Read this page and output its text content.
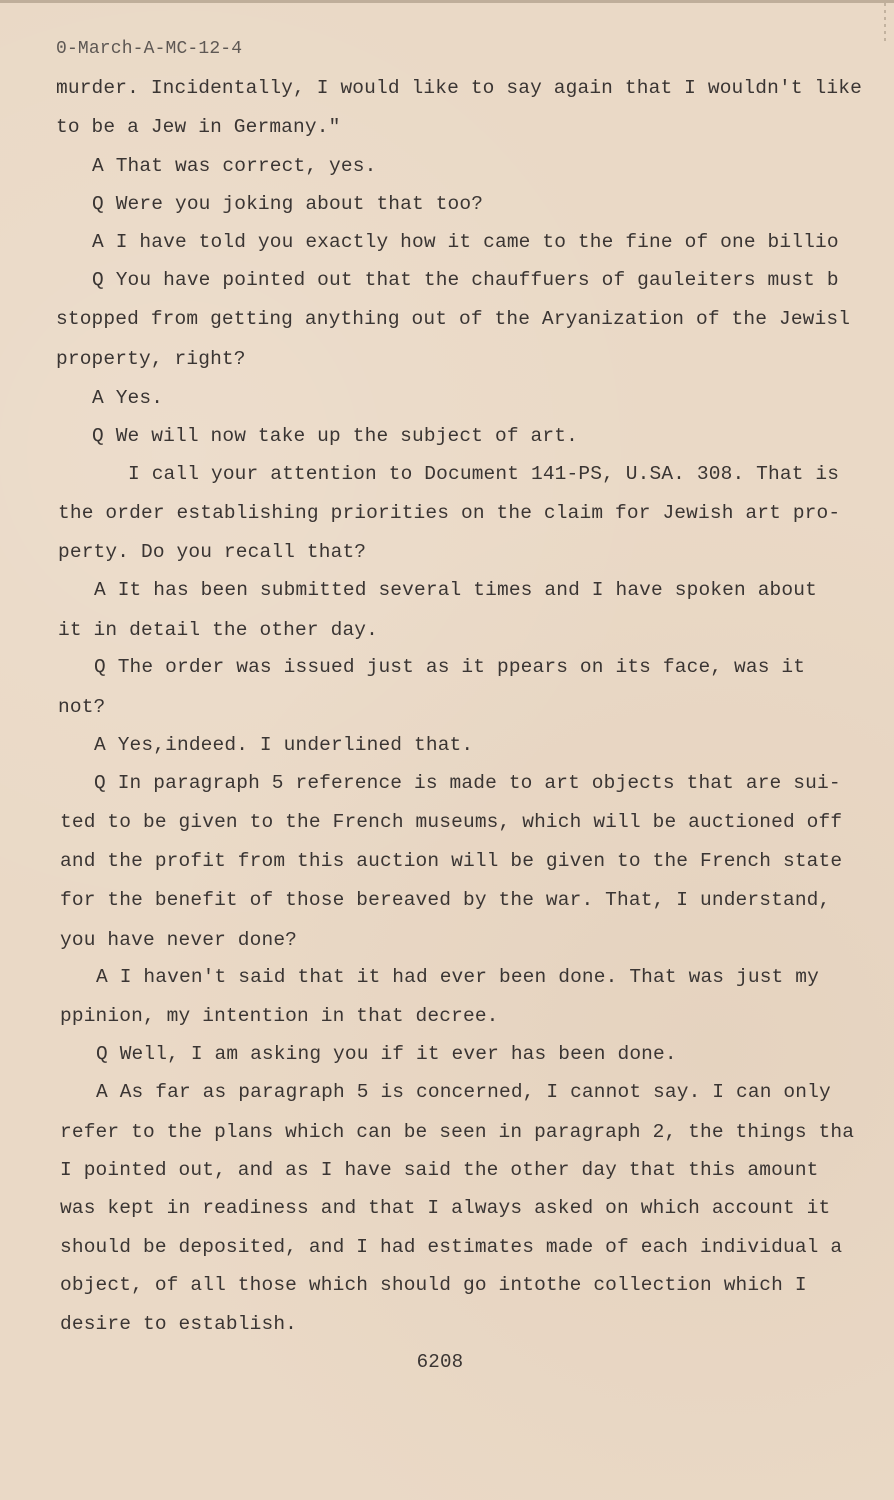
0-March-A-MC-12-4
murder. Incidentally, I would like to say again that I wouldn't like
to be a Jew in Germany."
A That was correct, yes.
Q Were you joking about that too?
A I have told you exactly how it came to the fine of one billio
Q You have pointed out that the chauffuers of gauleiters must b
stopped from getting anything out of the Aryanization of the Jewisl
property, right?
A Yes.
Q We will now take up the subject of art.
I call your attention to Document 141-PS, U.SA. 308. That is
the order establishing priorities on the claim for Jewish art pro-
perty. Do you recall that?
A It has been submitted several times and I have spoken about
it in detail the other day.
Q The order was issued just as it ppears on its face, was it
not?
A Yes,indeed. I underlined that.
Q In paragraph 5 reference is made to art objects that are sui-
ted to be given to the French museums, which will be auctioned off
and the profit from this auction will be given to the French state
for the benefit of those bereaved by the war. That, I understand,
you have never done?
A I haven't said that it had ever been done. That was just my
ppinion, my intention in that decree.
Q Well, I am asking you if it ever has been done.
A As far as paragraph 5 is concerned, I cannot say. I can only
refer to the plans which can be seen in paragraph 2, the things tha
I pointed out, and as I have said the other day that this amount
was kept in readiness and that I always asked on which account it
should be deposited, and I had estimates made of each individual a
object, of all those which should go intothe collection which I
desire to establish.
6208
